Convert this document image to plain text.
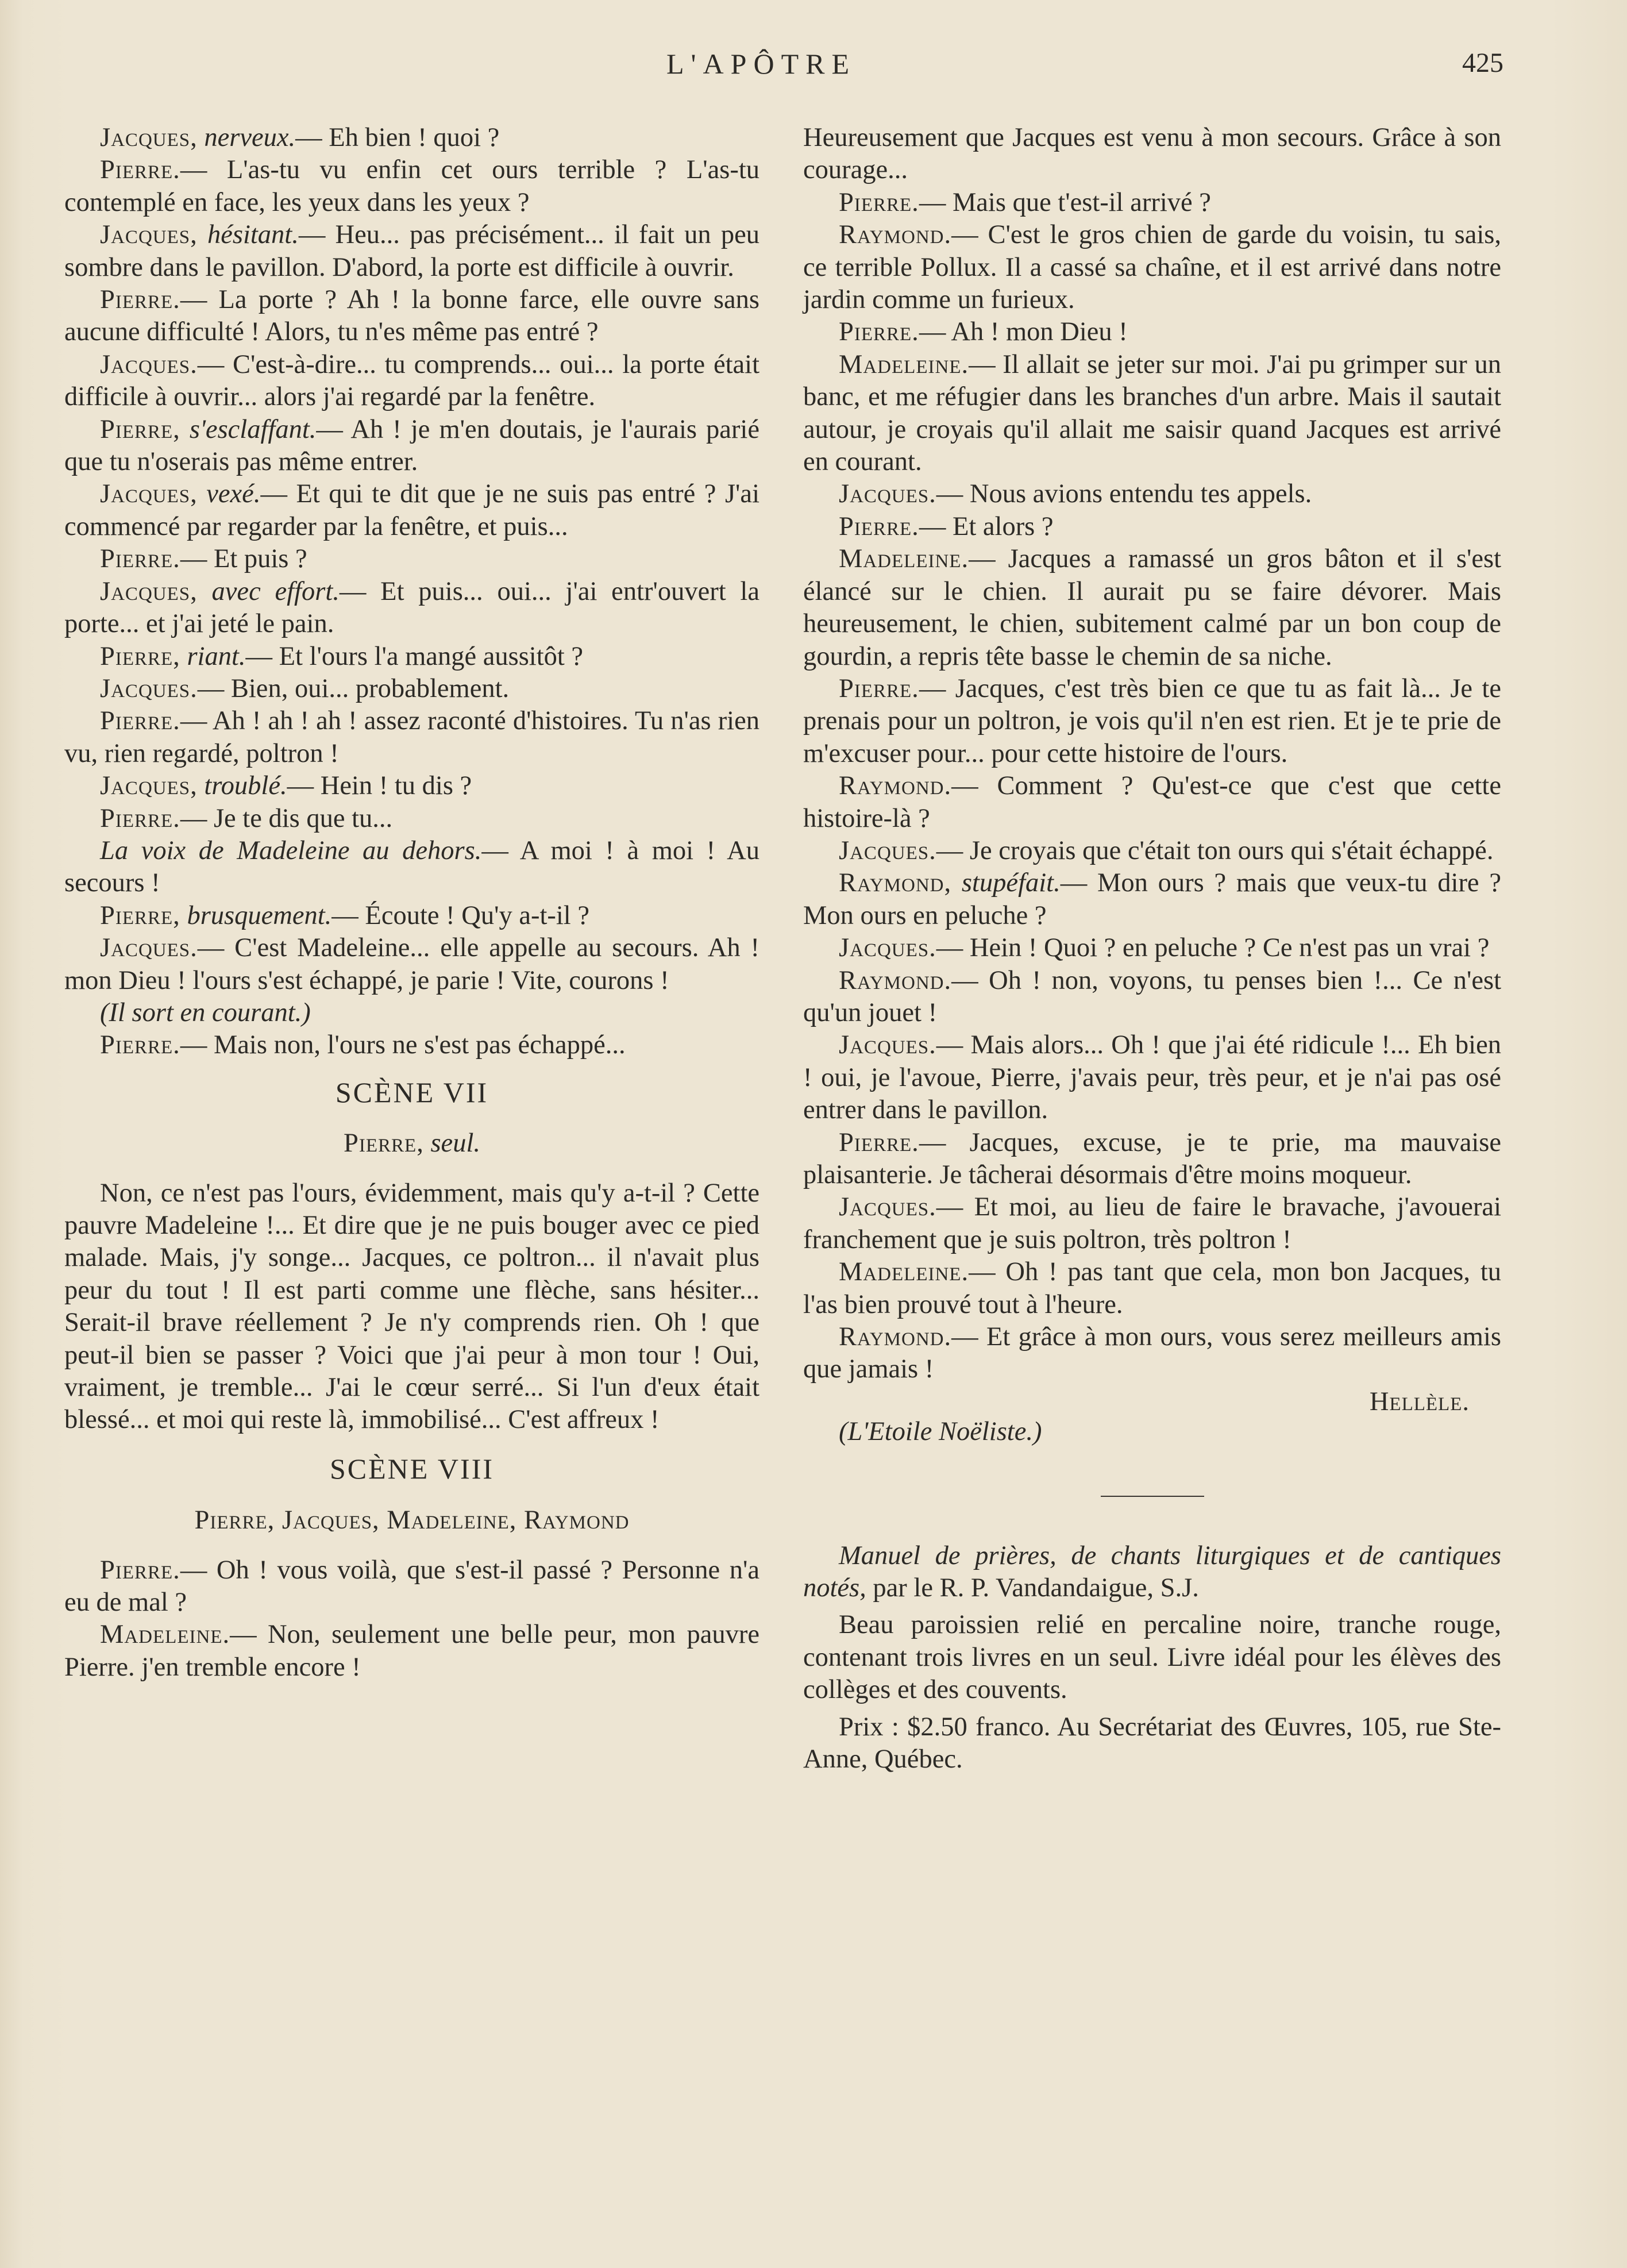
L'APÔTRE	425

Jacques, nerveux.— Eh bien ! quoi ?

Pierre.— L'as-tu vu enfin cet ours terrible ? L'as-tu contemplé en face, les yeux dans les yeux ?

Jacques, hésitant.— Heu... pas précisément... il fait un peu sombre dans le pavillon. D'abord, la porte est difficile à ouvrir.

Pierre.— La porte ? Ah ! la bonne farce, elle ouvre sans aucune difficulté ! Alors, tu n'es même pas entré ?

Jacques.— C'est-à-dire... tu comprends... oui... la porte était difficile à ouvrir... alors j'ai regardé par la fenêtre.

Pierre, s'esclaffant.— Ah ! je m'en doutais, je l'aurais parié que tu n'oserais pas même entrer.

Jacques, vexé.— Et qui te dit que je ne suis pas entré ? J'ai commencé par regarder par la fenêtre, et puis...

Pierre.— Et puis ?

Jacques, avec effort.— Et puis... oui... j'ai entr'ouvert la porte... et j'ai jeté le pain.

Pierre, riant.— Et l'ours l'a mangé aussitôt ?

Jacques.— Bien, oui... probablement.

Pierre.— Ah ! ah ! ah ! assez raconté d'histoires. Tu n'as rien vu, rien regardé, poltron !

Jacques, troublé.— Hein ! tu dis ?

Pierre.— Je te dis que tu...

La voix de Madeleine au dehors.— A moi ! à moi ! Au secours !

Pierre, brusquement.— Écoute ! Qu'y a-t-il ?

Jacques.— C'est Madeleine... elle appelle au secours. Ah ! mon Dieu ! l'ours s'est échappé, je parie ! Vite, courons !

(Il sort en courant.)

Pierre.— Mais non, l'ours ne s'est pas échappé...

SCÈNE VII

Pierre, seul.

Non, ce n'est pas l'ours, évidemment, mais qu'y a-t-il ? Cette pauvre Madeleine !... Et dire que je ne puis bouger avec ce pied malade. Mais, j'y songe... Jacques, ce poltron... il n'avait plus peur du tout ! Il est parti comme une flèche, sans hésiter... Serait-il brave réellement ? Je n'y comprends rien. Oh ! que peut-il bien se passer ? Voici que j'ai peur à mon tour ! Oui, vraiment, je tremble... J'ai le cœur serré... Si l'un d'eux était blessé... et moi qui reste là, immobilisé... C'est affreux !

SCÈNE VIII

Pierre, Jacques, Madeleine, Raymond

Pierre.— Oh ! vous voilà, que s'est-il passé ? Personne n'a eu de mal ?

Madeleine.— Non, seulement une belle peur, mon pauvre Pierre. j'en tremble encore !

Heureusement que Jacques est venu à mon secours. Grâce à son courage...

Pierre.— Mais que t'est-il arrivé ?

Raymond.— C'est le gros chien de garde du voisin, tu sais, ce terrible Pollux. Il a cassé sa chaîne, et il est arrivé dans notre jardin comme un furieux.

Pierre.— Ah ! mon Dieu !

Madeleine.— Il allait se jeter sur moi. J'ai pu grimper sur un banc, et me réfugier dans les branches d'un arbre. Mais il sautait autour, je croyais qu'il allait me saisir quand Jacques est arrivé en courant.

Jacques.— Nous avions entendu tes appels.

Pierre.— Et alors ?

Madeleine.— Jacques a ramassé un gros bâton et il s'est élancé sur le chien. Il aurait pu se faire dévorer. Mais heureusement, le chien, subitement calmé par un bon coup de gourdin, a repris tête basse le chemin de sa niche.

Pierre.— Jacques, c'est très bien ce que tu as fait là... Je te prenais pour un poltron, je vois qu'il n'en est rien. Et je te prie de m'excuser pour... pour cette histoire de l'ours.

Raymond.— Comment ? Qu'est-ce que c'est que cette histoire-là ?

Jacques.— Je croyais que c'était ton ours qui s'était échappé.

Raymond, stupéfait.— Mon ours ? mais que veux-tu dire ? Mon ours en peluche ?

Jacques.— Hein ! Quoi ? en peluche ? Ce n'est pas un vrai ?

Raymond.— Oh ! non, voyons, tu penses bien !... Ce n'est qu'un jouet !

Jacques.— Mais alors... Oh ! que j'ai été ridicule !... Eh bien ! oui, je l'avoue, Pierre, j'avais peur, très peur, et je n'ai pas osé entrer dans le pavillon.

Pierre.— Jacques, excuse, je te prie, ma mauvaise plaisanterie. Je tâcherai désormais d'être moins moqueur.

Jacques.— Et moi, au lieu de faire le bravache, j'avouerai franchement que je suis poltron, très poltron !

Madeleine.— Oh ! pas tant que cela, mon bon Jacques, tu l'as bien prouvé tout à l'heure.

Raymond.— Et grâce à mon ours, vous serez meilleurs amis que jamais !

Hellèle.

(L'Etoile Noëliste.)

Manuel de prières, de chants liturgiques et de cantiques notés, par le R. P. Vandandaigue, S.J.

Beau paroissien relié en percaline noire, tranche rouge, contenant trois livres en un seul. Livre idéal pour les élèves des collèges et des couvents.

Prix : $2.50 franco. Au Secrétariat des Œuvres, 105, rue Ste-Anne, Québec.
